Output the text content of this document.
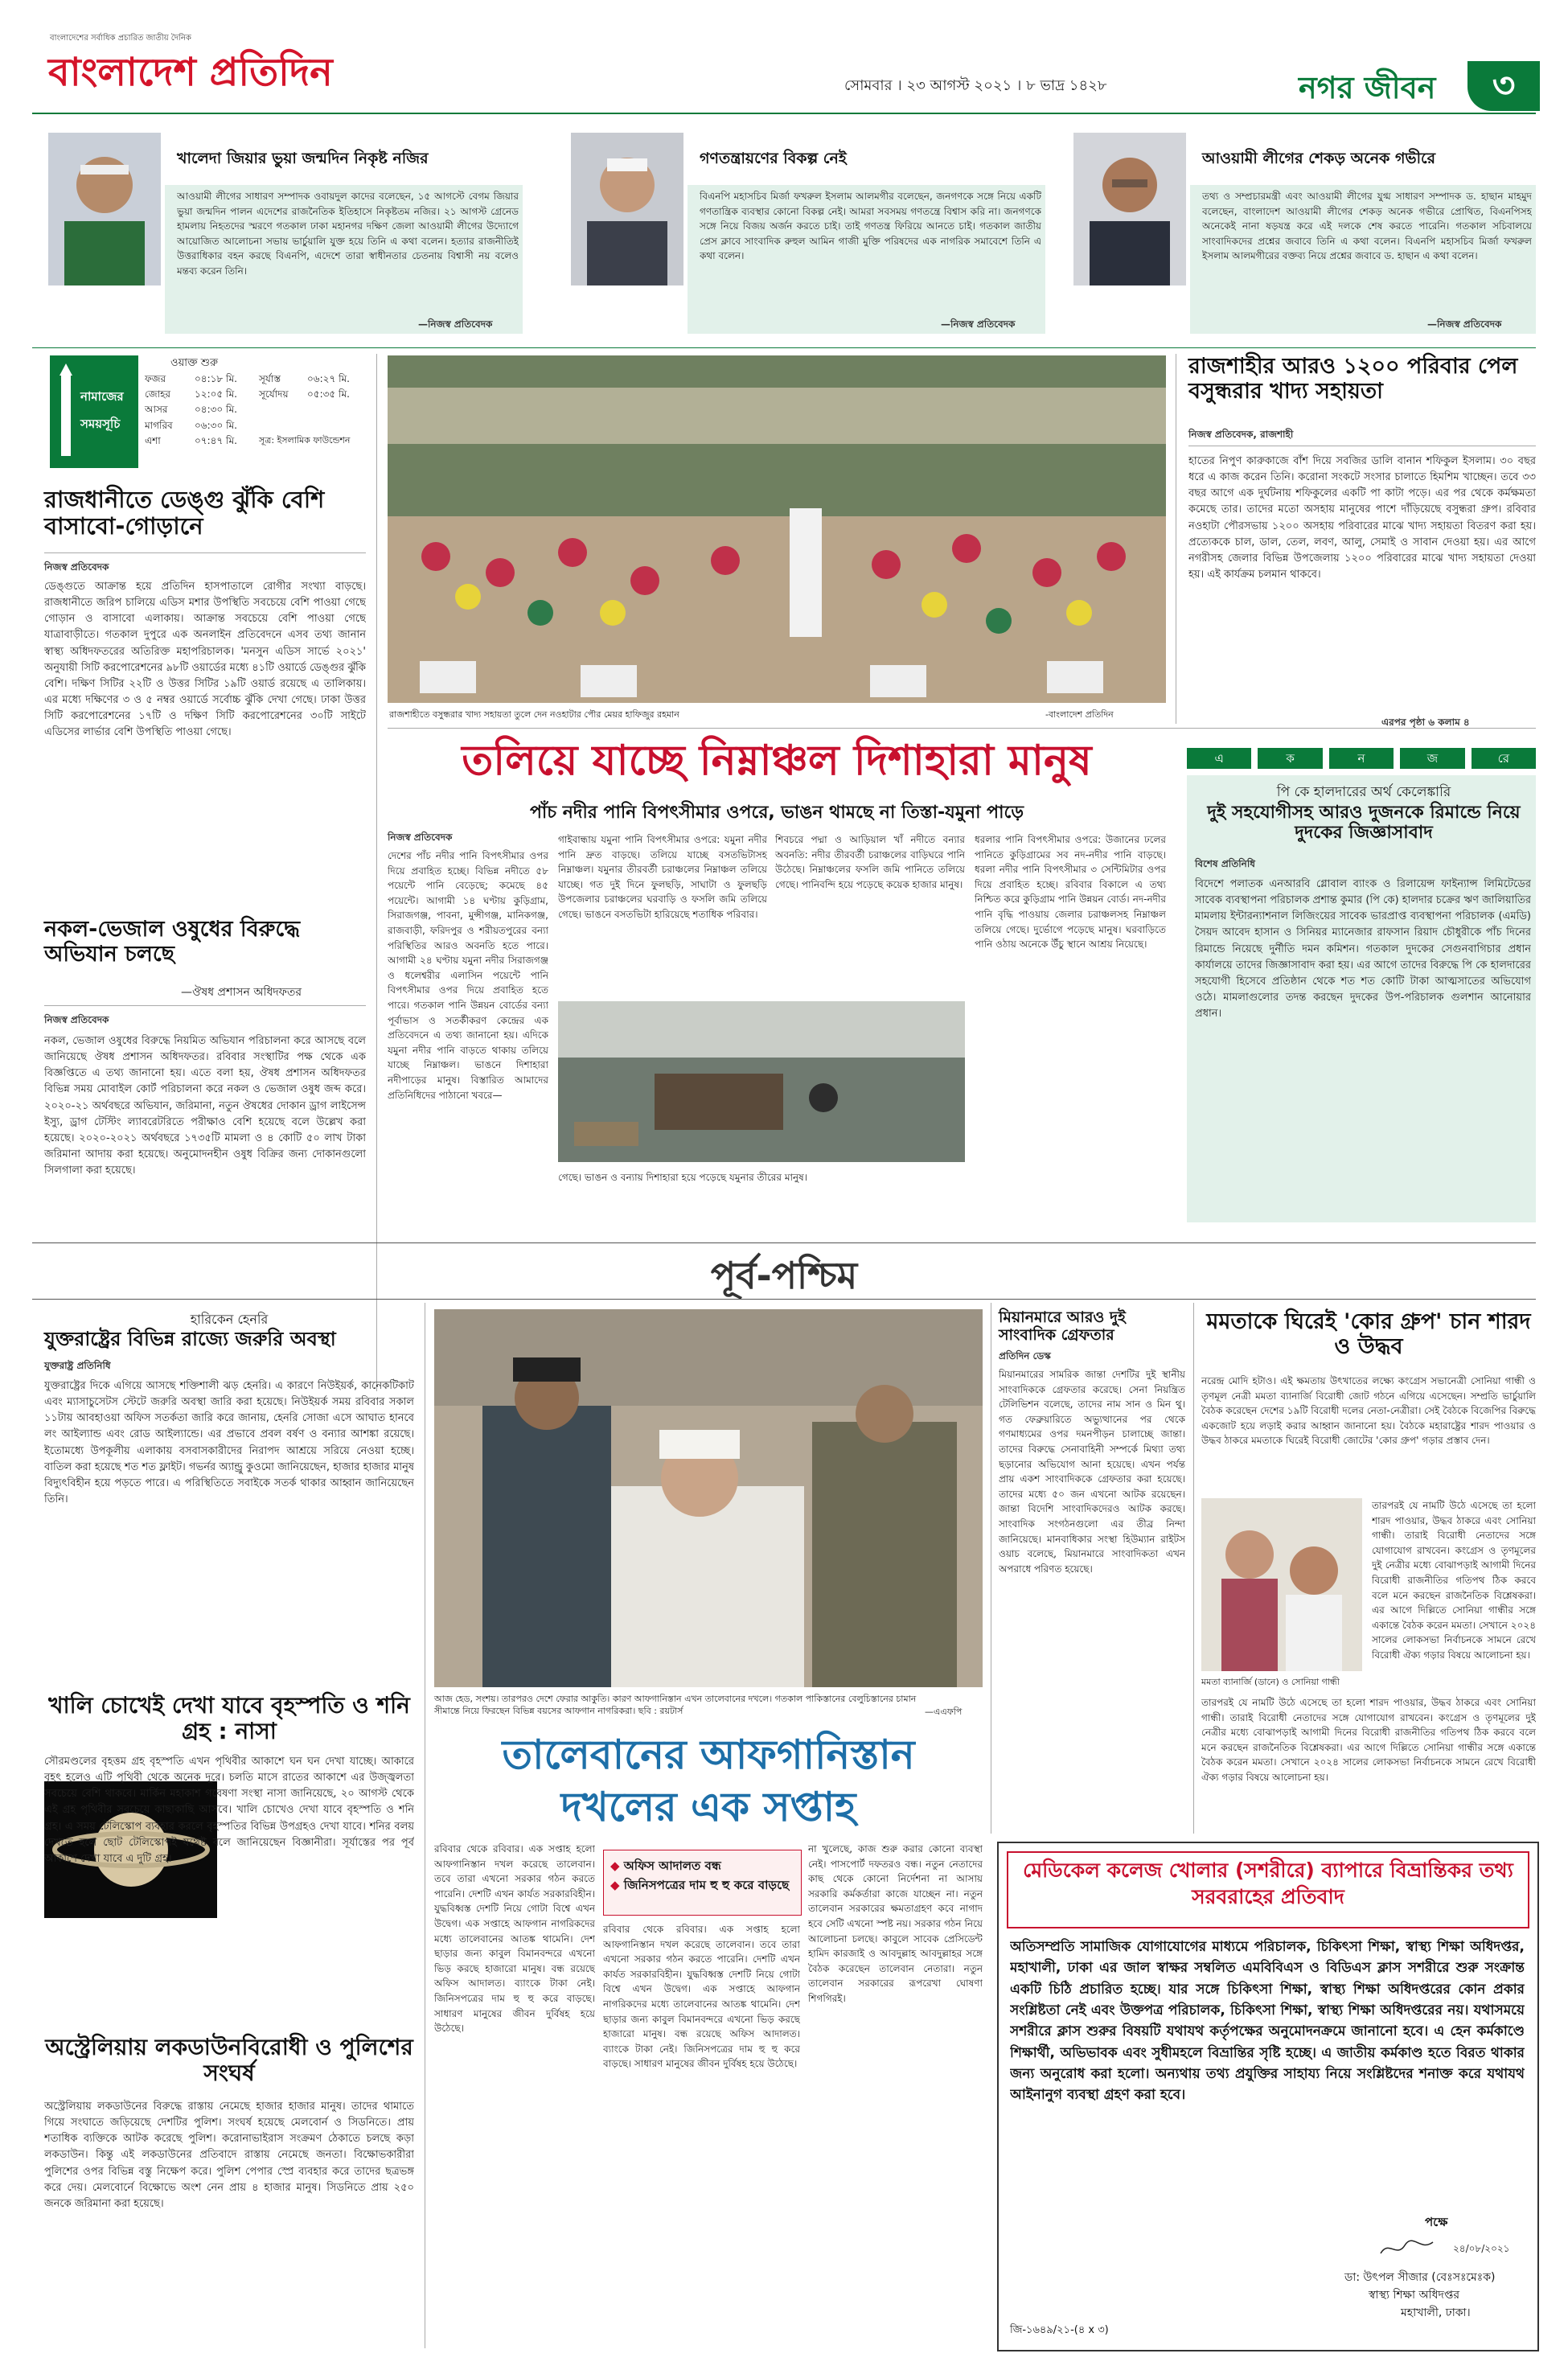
বাংলাদেশের সর্বাধিক প্রচারিত জাতীয় দৈনিক
বাংলাদেশ প্রতিদিন	সোমবার । ২৩ আগস্ট ২০২১ । ৮ ভাদ্র ১৪২৮	নগর জীবন	৩
খালেদা জিয়ার ভুয়া জন্মদিন নিকৃষ্ট নজির
আওয়ামী লীগের সাধারণ সম্পাদক ওবায়দুল কাদের বলেছেন, ১৫ আগস্টে বেগম জিয়ার ভুয়া জন্মদিন পালন এদেশের রাজনৈতিক ইতিহাসে নিকৃষ্টতম নজির। ২১ আগস্ট গ্রেনেড হামলায় নিহতদের স্মরণে গতকাল ঢাকা মহানগর দক্ষিণ জেলা আওয়ামী লীগের উদ্যোগে আয়োজিত আলোচনা সভায় ভার্চুয়ালি যুক্ত হয়ে তিনি এ কথা বলেন। হত্যার রাজনীতিই উত্তরাধিকার বহন করছে বিএনপি, এদেশে তারা স্বাধীনতার চেতনায় বিশ্বাসী নয় বলেও মন্তব্য করেন তিনি।
—নিজস্ব প্রতিবেদক
গণতন্ত্রায়ণের বিকল্প নেই
বিএনপি মহাসচিব মির্জা ফখরুল ইসলাম আলমগীর বলেছেন, জনগণকে সঙ্গে নিয়ে একটি গণতান্ত্রিক ব্যবস্থার কোনো বিকল্প নেই। আমরা সবসময় গণতন্ত্রে বিশ্বাস করি না। জনগণকে সঙ্গে নিয়ে বিজয় অর্জন করতে চাই। তাই গণতন্ত্র ফিরিয়ে আনতে চাই। গতকাল জাতীয় প্রেস ক্লাবে সাংবাদিক রুহুল আমিন গাজী মুক্তি পরিষদের এক নাগরিক সমাবেশে তিনি এ কথা বলেন।
—নিজস্ব প্রতিবেদক
আওয়ামী লীগের শেকড় অনেক গভীরে
তথ্য ও সম্প্রচারমন্ত্রী এবং আওয়ামী লীগের যুগ্ম সাধারণ সম্পাদক ড. হাছান মাহমুদ বলেছেন, বাংলাদেশ আওয়ামী লীগের শেকড় অনেক গভীরে প্রোথিত, বিএনপিসহ অনেকেই নানা ষড়যন্ত্র করে এই দলকে শেষ করতে পারেনি। গতকাল সচিবালয়ে সাংবাদিকদের প্রশ্নের জবাবে তিনি এ কথা বলেন। বিএনপি মহাসচিব মির্জা ফখরুল ইসলাম আলমগীরের বক্তব্য নিয়ে প্রশ্নের জবাবে ড. হাছান এ কথা বলেন।
—নিজস্ব প্রতিবেদক
নামাজের
সময়সূচি
ওয়াক্ত শুরু
ফজর	০৪:১৮ মি.	সূর্যাস্ত	০৬:২৭ মি.
জোহর	১২:০৫ মি.	সূর্যোদয়	০৫:৩৫ মি.
আসর	০৪:৩০ মি.
মাগরিব	০৬:৩০ মি.
এশা	০৭:৪৭ মি.	সূত্র: ইসলামিক ফাউন্ডেশন
রাজধানীতে ডেঙ্গু ঝুঁকি বেশি বাসাবো-গোড়ানে
নিজস্ব প্রতিবেদক
ডেঙ্গুতে আক্রান্ত হয়ে প্রতিদিন হাসপাতালে রোগীর সংখ্যা বাড়ছে। রাজধানীতে জরিপ চালিয়ে এডিস মশার উপস্থিতি সবচেয়ে বেশি পাওয়া গেছে গোড়ান ও বাসাবো এলাকায়। আক্রান্ত সবচেয়ে বেশি পাওয়া গেছে যাত্রাবাড়ীতে। গতকাল দুপুরে এক অনলাইন প্রতিবেদনে এসব তথ্য জানান স্বাস্থ্য অধিদফতরের অতিরিক্ত মহাপরিচালক। 'মনসুন এডিস সার্ভে ২০২১' অনুযায়ী সিটি করপোরেশনের ৯৮টি ওয়ার্ডের মধ্যে ৪১টি ওয়ার্ডে ডেঙ্গুর ঝুঁকি বেশি। দক্ষিণ সিটির ২২টি ও উত্তর সিটির ১৯টি ওয়ার্ড রয়েছে এ তালিকায়। এর মধ্যে দক্ষিণের ৩ ও ৫ নম্বর ওয়ার্ডে সর্বোচ্চ ঝুঁকি দেখা গেছে। ঢাকা উত্তর সিটি করপোরেশনের ১৭টি ও দক্ষিণ সিটি করপোরেশনের ৩০টি সাইটে এডিসের লার্ভার বেশি উপস্থিতি পাওয়া গেছে।
নকল-ভেজাল ওষুধের বিরুদ্ধে অভিযান চলছে
—ঔষধ প্রশাসন অধিদফতর
নিজস্ব প্রতিবেদক
নকল, ভেজাল ওষুধের বিরুদ্ধে নিয়মিত অভিযান পরিচালনা করে আসছে বলে জানিয়েছে ঔষধ প্রশাসন অধিদফতর। রবিবার সংস্থাটির পক্ষ থেকে এক বিজ্ঞপ্তিতে এ তথ্য জানানো হয়। এতে বলা হয়, ঔষধ প্রশাসন অধিদফতর বিভিন্ন সময় মোবাইল কোর্ট পরিচালনা করে নকল ও ভেজাল ওষুধ জব্দ করে। ২০২০-২১ অর্থবছরে অভিযান, জরিমানা, নতুন ঔষধের দোকান ড্রাগ লাইসেন্স ইস্যু, ড্রাগ টেস্টিং ল্যাবরেটরিতে পরীক্ষাও বেশি হয়েছে বলে উল্লেখ করা হয়েছে। ২০২০-২০২১ অর্থবছরে ১৭৩৫টি মামলা ও ৪ কোটি ৫০ লাখ টাকা জরিমানা আদায় করা হয়েছে। অনুমোদনহীন ওষুধ বিক্রির জন্য দোকানগুলো সিলগালা করা হয়েছে।
রাজশাহীতে বসুন্ধরার খাদ্য সহায়তা তুলে দেন নওহাটার পৌর মেয়র হাফিজুর রহমান	-বাংলাদেশ প্রতিদিন
রাজশাহীর আরও ১২০০ পরিবার পেল বসুন্ধরার খাদ্য সহায়তা
নিজস্ব প্রতিবেদক, রাজশাহী
হাতের নিপুণ কারুকাজে বাঁশ দিয়ে সবজির ডালি বানান শফিকুল ইসলাম। ৩০ বছর ধরে এ কাজ করেন তিনি। করোনা সংকটে সংসার চালাতে হিমশিম খাচ্ছেন। তবে ৩৩ বছর আগে এক দুর্ঘটনায় শফিকুলের একটি পা কাটা পড়ে। এর পর থেকে কর্মক্ষমতা কমেছে তার। তাদের মতো অসহায় মানুষের পাশে দাঁড়িয়েছে বসুন্ধরা গ্রুপ। রবিবার নওহাটা পৌরসভায় ১২০০ অসহায় পরিবারের মাঝে খাদ্য সহায়তা বিতরণ করা হয়। প্রত্যেককে চাল, ডাল, তেল, লবণ, আলু, সেমাই ও সাবান দেওয়া হয়। এর আগে নগরীসহ জেলার বিভিন্ন উপজেলায় ১২০০ পরিবারের মাঝে খাদ্য সহায়তা দেওয়া হয়। এই কার্যক্রম চলমান থাকবে।
এরপর পৃষ্ঠা ৬ কলাম ৪
তলিয়ে যাচ্ছে নিম্নাঞ্চল দিশাহারা মানুষ
পাঁচ নদীর পানি বিপৎসীমার ওপরে, ভাঙন থামছে না তিস্তা-যমুনা পাড়ে
নিজস্ব প্রতিবেদক
দেশের পাঁচ নদীর পানি বিপৎসীমার ওপর দিয়ে প্রবাহিত হচ্ছে। বিভিন্ন নদীতে ৫৮ পয়েন্টে পানি বেড়েছে; কমেছে ৪৫ পয়েন্টে। আগামী ১৪ ঘণ্টায় কুড়িগ্রাম, সিরাজগঞ্জ, পাবনা, মুন্সীগঞ্জ, মানিকগঞ্জ, রাজবাড়ী, ফরিদপুর ও শরীয়তপুরের বন্যা পরিস্থিতির আরও অবনতি হতে পারে। আগামী ২৪ ঘণ্টায় যমুনা নদীর সিরাজগঞ্জ ও ধলেশ্বরীর এলাসিন পয়েন্টে পানি বিপৎসীমার ওপর দিয়ে প্রবাহিত হতে পারে। গতকাল পানি উন্নয়ন বোর্ডের বন্যা পূর্বাভাস ও সতর্কীকরণ কেন্দ্রের এক প্রতিবেদনে এ তথ্য জানানো হয়। এদিকে যমুনা নদীর পানি বাড়তে থাকায় তলিয়ে যাচ্ছে নিম্নাঞ্চল। ভাঙনে দিশাহারা নদীপাড়ের মানুষ। বিস্তারিত আমাদের প্রতিনিধিদের পাঠানো খবরে—
গাইবান্ধায় যমুনা পানি বিপৎসীমার ওপরে: যমুনা নদীর পানি দ্রুত বাড়ছে। তলিয়ে যাচ্ছে বসতভিটাসহ নিম্নাঞ্চল। যমুনার তীরবর্তী চরাঞ্চলের নিম্নাঞ্চল তলিয়ে যাচ্ছে। গত দুই দিনে ফুলছড়ি, সাঘাটা ও ফুলছড়ি উপজেলার চরাঞ্চলের ঘরবাড়ি ও ফসলি জমি তলিয়ে গেছে। ভাঙনে বসতভিটা হারিয়েছে শতাধিক পরিবার।
শিবচরে পদ্মা ও আড়িয়াল খাঁ নদীতে বন্যার অবনতি: নদীর তীরবর্তী চরাঞ্চলের বাড়িঘরে পানি উঠেছে। নিম্নাঞ্চলের ফসলি জমি পানিতে তলিয়ে গেছে। পানিবন্দি হয়ে পড়েছে কয়েক হাজার মানুষ।
গেছে। ভাঙন ও বন্যায় দিশাহারা হয়ে পড়েছে যমুনার তীরের মানুষ।
ধরলার পানি বিপৎসীমার ওপরে: উজানের ঢলের পানিতে কুড়িগ্রামের সব নদ-নদীর পানি বাড়ছে। ধরলা নদীর পানি বিপৎসীমার ৩ সেন্টিমিটার ওপর দিয়ে প্রবাহিত হচ্ছে। রবিবার বিকালে এ তথ্য নিশ্চিত করে কুড়িগ্রাম পানি উন্নয়ন বোর্ড। নদ-নদীর পানি বৃদ্ধি পাওয়ায় জেলার চরাঞ্চলসহ নিম্নাঞ্চল তলিয়ে গেছে। দুর্ভোগে পড়েছে মানুষ। ঘরবাড়িতে পানি ওঠায় অনেকে উঁচু স্থানে আশ্রয় নিয়েছে।
এ	ক	ন	জ	রে
পি কে হালদারের অর্থ কেলেঙ্কারি
দুই সহযোগীসহ আরও দুজনকে রিমান্ডে নিয়ে দুদকের জিজ্ঞাসাবাদ
বিশেষ প্রতিনিধি
বিদেশে পলাতক এনআরবি গ্লোবাল ব্যাংক ও রিলায়েন্স ফাইন্যান্স লিমিটেডের সাবেক ব্যবস্থাপনা পরিচালক প্রশান্ত কুমার (পি কে) হালদার চক্রের ঋণ জালিয়াতির মামলায় ইন্টারন্যাশনাল লিজিংয়ের সাবেক ভারপ্রাপ্ত ব্যবস্থাপনা পরিচালক (এমডি) সৈয়দ আবেদ হাসান ও সিনিয়র ম্যানেজার রাফসান রিয়াদ চৌধুরীকে পাঁচ দিনের রিমান্ডে নিয়েছে দুর্নীতি দমন কমিশন। গতকাল দুদকের সেগুনবাগিচার প্রধান কার্যালয়ে তাদের জিজ্ঞাসাবাদ করা হয়। এর আগে তাদের বিরুদ্ধে পি কে হালদারের সহযোগী হিসেবে প্রতিষ্ঠান থেকে শত শত কোটি টাকা আত্মসাতের অভিযোগ ওঠে। মামলাগুলোর তদন্ত করছেন দুদকের উপ-পরিচালক গুলশান আনোয়ার প্রধান।
পূর্ব-পশ্চিম
হারিকেন হেনরি
যুক্তরাষ্ট্রের বিভিন্ন রাজ্যে জরুরি অবস্থা
যুক্তরাষ্ট্র প্রতিনিধি
যুক্তরাষ্ট্রের দিকে এগিয়ে আসছে শক্তিশালী ঝড় হেনরি। এ কারণে নিউইয়র্ক, কানেকটিকাট এবং ম্যাসাচুসেটস স্টেটে জরুরি অবস্থা জারি করা হয়েছে। নিউইয়র্ক সময় রবিবার সকাল ১১টায় আবহাওয়া অফিস সতর্কতা জারি করে জানায়, হেনরি সোজা এসে আঘাত হানবে লং আইল্যান্ড এবং রোড আইল্যান্ডে। এর প্রভাবে প্রবল বর্ষণ ও বন্যার আশঙ্কা রয়েছে। ইতোমধ্যে উপকূলীয় এলাকায় বসবাসকারীদের নিরাপদ আশ্রয়ে সরিয়ে নেওয়া হচ্ছে। বাতিল করা হয়েছে শত শত ফ্লাইট। গভর্নর অ্যান্ড্রু কুওমো জানিয়েছেন, হাজার হাজার মানুষ বিদ্যুৎবিহীন হয়ে পড়তে পারে। এ পরিস্থিতিতে সবাইকে সতর্ক থাকার আহ্বান জানিয়েছেন তিনি।
খালি চোখেই দেখা যাবে বৃহস্পতি ও শনি গ্রহ : নাসা
সৌরমণ্ডলের বৃহত্তম গ্রহ বৃহস্পতি এখন পৃথিবীর আকাশে ঘন ঘন দেখা যাচ্ছে। আকারে বৃহৎ হলেও এটি পৃথিবী থেকে অনেক দূরে। চলতি মাসে রাতের আকাশে এর উজ্জ্বলতা সবচেয়ে বেশি থাকবে। মার্কিন মহাকাশ গবেষণা সংস্থা নাসা জানিয়েছে, ২০ আগস্ট থেকে এই গ্রহ পৃথিবীর সবচেয়ে কাছাকাছি আসবে। খালি চোখেও দেখা যাবে বৃহস্পতি ও শনি গ্রহ। এ সময় টেলিস্কোপ ব্যবহার করলে বৃহস্পতির বিভিন্ন উপগ্রহও দেখা যাবে। শনির বলয় দেখতে হলে ছোট টেলিস্কোপই যথেষ্ট বলে জানিয়েছেন বিজ্ঞানীরা। সূর্যাস্তের পর পূর্ব আকাশে দেখা যাবে এ দুটি গ্রহ।
অস্ট্রেলিয়ায় লকডাউনবিরোধী ও পুলিশের সংঘর্ষ
অস্ট্রেলিয়ায় লকডাউনের বিরুদ্ধে রাস্তায় নেমেছে হাজার হাজার মানুষ। তাদের থামাতে গিয়ে সংঘাতে জড়িয়েছে দেশটির পুলিশ। সংঘর্ষ হয়েছে মেলবোর্ন ও সিডনিতে। প্রায় শতাধিক ব্যক্তিকে আটক করেছে পুলিশ। করোনাভাইরাস সংক্রমণ ঠেকাতে চলছে কড়া লকডাউন। কিন্তু এই লকডাউনের প্রতিবাদে রাস্তায় নেমেছে জনতা। বিক্ষোভকারীরা পুলিশের ওপর বিভিন্ন বস্তু নিক্ষেপ করে। পুলিশ পেপার স্প্রে ব্যবহার করে তাদের ছত্রভঙ্গ করে দেয়। মেলবোর্নে বিক্ষোভে অংশ নেন প্রায় ৪ হাজার মানুষ। সিডনিতে প্রায় ২৫০ জনকে জরিমানা করা হয়েছে।
আজ হেড, সংশয়। তারপরও দেশে ফেরার আকুতি। কারণ আফগানিস্তান এখন তালেবানের দখলে। গতকাল পাকিস্তানের বেলুচিস্তানের চামান সীমান্তে নিয়ে ফিরছেন বিভিন্ন বয়সের আফগান নাগরিকরা। ছবি : রয়টার্স	—এএফপি
তালেবানের আফগানিস্তান দখলের এক সপ্তাহ
◆ অফিস আদালত বন্ধ
◆ জিনিসপত্রের দাম হু হু করে বাড়ছে
রবিবার থেকে রবিবার। এক সপ্তাহ হলো আফগানিস্তান দখল করেছে তালেবান। তবে তারা এখনো সরকার গঠন করতে পারেনি। দেশটি এখন কার্যত সরকারবিহীন। যুদ্ধবিধ্বস্ত দেশটি নিয়ে গোটা বিশ্বে এখন উদ্বেগ। এক সপ্তাহে আফগান নাগরিকদের মধ্যে তালেবানের আতঙ্ক থামেনি। দেশ ছাড়ার জন্য কাবুল বিমানবন্দরে এখনো ভিড় করছে হাজারো মানুষ। বন্ধ রয়েছে অফিস আদালত। ব্যাংকে টাকা নেই। জিনিসপত্রের দাম হু হু করে বাড়ছে। সাধারণ মানুষের জীবন দুর্বিষহ হয়ে উঠেছে।
রবিবার থেকে রবিবার। এক সপ্তাহ হলো আফগানিস্তান দখল করেছে তালেবান। তবে তারা এখনো সরকার গঠন করতে পারেনি। দেশটি এখন কার্যত সরকারবিহীন। যুদ্ধবিধ্বস্ত দেশটি নিয়ে গোটা বিশ্বে এখন উদ্বেগ। এক সপ্তাহে আফগান নাগরিকদের মধ্যে তালেবানের আতঙ্ক থামেনি। দেশ ছাড়ার জন্য কাবুল বিমানবন্দরে এখনো ভিড় করছে হাজারো মানুষ। বন্ধ রয়েছে অফিস আদালত। ব্যাংকে টাকা নেই। জিনিসপত্রের দাম হু হু করে বাড়ছে। সাধারণ মানুষের জীবন দুর্বিষহ হয়ে উঠেছে।
না খুলেছে, কাজ শুরু করার কোনো ব্যবস্থা নেই। পাসপোর্ট দফতরও বন্ধ। নতুন নেতাদের কাছ থেকে কোনো নির্দেশনা না আসায় সরকারি কর্মকর্তারা কাজে যাচ্ছেন না। নতুন তালেবান সরকারের ক্ষমতাগ্রহণ কবে নাগাদ হবে সেটি এখনো স্পষ্ট নয়। সরকার গঠন নিয়ে আলোচনা চলছে। কাবুলে সাবেক প্রেসিডেন্ট হামিদ কারজাই ও আবদুল্লাহ আবদুল্লাহর সঙ্গে বৈঠক করেছেন তালেবান নেতারা। নতুন তালেবান সরকারের রূপরেখা ঘোষণা শিগগিরই।
মিয়ানমারে আরও দুই সাংবাদিক গ্রেফতার
প্রতিদিন ডেস্ক
মিয়ানমারের সামরিক জান্তা দেশটির দুই স্থানীয় সাংবাদিককে গ্রেফতার করেছে। সেনা নিয়ন্ত্রিত টেলিভিশন বলেছে, তাদের নাম সান ও মিন থু। গত ফেব্রুয়ারিতে অভ্যুত্থানের পর থেকে গণমাধ্যমের ওপর দমনপীড়ন চালাচ্ছে জান্তা। তাদের বিরুদ্ধে সেনাবাহিনী সম্পর্কে মিথ্যা তথ্য ছড়ানোর অভিযোগ আনা হয়েছে। এখন পর্যন্ত প্রায় একশ সাংবাদিককে গ্রেফতার করা হয়েছে। তাদের মধ্যে ৫০ জন এখনো আটক রয়েছেন। জান্তা বিদেশি সাংবাদিকদেরও আটক করছে। সাংবাদিক সংগঠনগুলো এর তীব্র নিন্দা জানিয়েছে। মানবাধিকার সংস্থা হিউম্যান রাইটস ওয়াচ বলেছে, মিয়ানমারে সাংবাদিকতা এখন অপরাধে পরিণত হয়েছে।
মমতাকে ঘিরেই 'কোর গ্রুপ' চান শারদ ও উদ্ধব
নরেন্দ্র মোদি হটাও। এই ক্ষমতায় উৎখাতের লক্ষ্যে কংগ্রেস সভানেত্রী সোনিয়া গান্ধী ও তৃণমূল নেত্রী মমতা ব্যানার্জি বিরোধী জোট গঠনে এগিয়ে এসেছেন। সম্প্রতি ভার্চুয়ালি বৈঠক করেছেন দেশের ১৯টি বিরোধী দলের নেতা-নেত্রীরা। সেই বৈঠকে বিজেপির বিরুদ্ধে একজোট হয়ে লড়াই করার আহ্বান জানানো হয়। বৈঠকে মহারাষ্ট্রের শারদ পাওয়ার ও উদ্ধব ঠাকরে মমতাকে ঘিরেই বিরোধী জোটের 'কোর গ্রুপ' গড়ার প্রস্তাব দেন।
মমতা ব্যানার্জি (ডানে) ও সোনিয়া গান্ধী
তারপরই যে নামটি উঠে এসেছে তা হলো শারদ পাওয়ার, উদ্ধব ঠাকরে এবং সোনিয়া গান্ধী। তারাই বিরোধী নেতাদের সঙ্গে যোগাযোগ রাখবেন। কংগ্রেস ও তৃণমূলের দুই নেত্রীর মধ্যে বোঝাপড়াই আগামী দিনের বিরোধী রাজনীতির গতিপথ ঠিক করবে বলে মনে করছেন রাজনৈতিক বিশ্লেষকরা। এর আগে দিল্লিতে সোনিয়া গান্ধীর সঙ্গে একান্তে বৈঠক করেন মমতা। সেখানে ২০২৪ সালের লোকসভা নির্বাচনকে সামনে রেখে বিরোধী ঐক্য গড়ার বিষয়ে আলোচনা হয়।
তারপরই যে নামটি উঠে এসেছে তা হলো শারদ পাওয়ার, উদ্ধব ঠাকরে এবং সোনিয়া গান্ধী। তারাই বিরোধী নেতাদের সঙ্গে যোগাযোগ রাখবেন। কংগ্রেস ও তৃণমূলের দুই নেত্রীর মধ্যে বোঝাপড়াই আগামী দিনের বিরোধী রাজনীতির গতিপথ ঠিক করবে বলে মনে করছেন রাজনৈতিক বিশ্লেষকরা। এর আগে দিল্লিতে সোনিয়া গান্ধীর সঙ্গে একান্তে বৈঠক করেন মমতা। সেখানে ২০২৪ সালের লোকসভা নির্বাচনকে সামনে রেখে বিরোধী ঐক্য গড়ার বিষয়ে আলোচনা হয়।
মেডিকেল কলেজ খোলার (সশরীরে) ব্যাপারে বিভ্রান্তিকর তথ্য সরবরাহের প্রতিবাদ
অতিসম্প্রতি সামাজিক যোগাযোগের মাধ্যমে পরিচালক, চিকিৎসা শিক্ষা, স্বাস্থ্য শিক্ষা অধিদপ্তর, মহাখালী, ঢাকা এর জাল স্বাক্ষর সম্বলিত এমবিবিএস ও বিডিএস ক্লাস সশরীরে শুরু সংক্রান্ত একটি চিঠি প্রচারিত হচ্ছে। যার সঙ্গে চিকিৎসা শিক্ষা, স্বাস্থ্য শিক্ষা অধিদপ্তরের কোন প্রকার সংশ্লিষ্টতা নেই এবং উক্তপত্র পরিচালক, চিকিৎসা শিক্ষা, স্বাস্থ্য শিক্ষা অধিদপ্তরের নয়। যথাসময়ে সশরীরে ক্লাস শুরুর বিষয়টি যথাযথ কর্তৃপক্ষের অনুমোদনক্রমে জানানো হবে। এ হেন কর্মকাণ্ডে শিক্ষার্থী, অভিভাবক এবং সুধীমহলে বিভ্রান্তির সৃষ্টি হচ্ছে। এ জাতীয় কর্মকাণ্ড হতে বিরত থাকার জন্য অনুরোধ করা হলো। অন্যথায় তথ্য প্রযুক্তির সাহায্য নিয়ে সংশ্লিষ্টদের শনাক্ত করে যথাযথ আইনানুগ ব্যবস্থা গ্রহণ করা হবে।
পক্ষে
২৪/০৮/২০২১
ডা: উৎপল সীজার (বেঃসঃমেঃক)
স্বাস্থ্য শিক্ষা অধিদপ্তর
মহাখালী, ঢাকা।
জি-১৬৪৯/২১-(৪ x ৩)
